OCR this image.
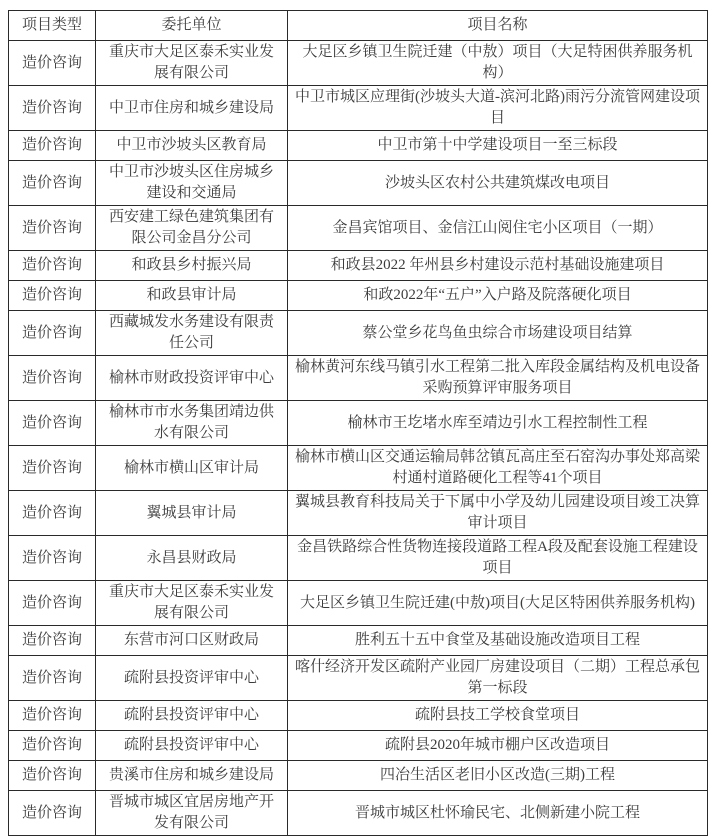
项目类型	委托单位	项目名称
造价咨询	重庆市大足区泰禾实业发展有限公司	大足区乡镇卫生院迁建（中敖）项目（大足特困供养服务机构）
造价咨询	中卫市住房和城乡建设局	中卫市城区应理街(沙坡头大道-滨河北路)雨污分流管网建设项目
造价咨询	中卫市沙坡头区教育局	中卫市第十中学建设项目一至三标段
造价咨询	中卫市沙坡头区住房城乡建设和交通局	沙坡头区农村公共建筑煤改电项目
造价咨询	西安建工绿色建筑集团有限公司金昌分公司	金昌宾馆项目、金信江山阅住宅小区项目（一期）
造价咨询	和政县乡村振兴局	和政县2022 年州县乡村建设示范村基础设施建项目
造价咨询	和政县审计局	和政2022年“五户”入户路及院落硬化项目
造价咨询	西藏城发水务建设有限责任公司	蔡公堂乡花鸟鱼虫综合市场建设项目结算
造价咨询	榆林市财政投资评审中心	榆林黄河东线马镇引水工程第二批入库段金属结构及机电设备采购预算评审服务项目
造价咨询	榆林市市水务集团靖边供水有限公司	榆林市王圪堵水库至靖边引水工程控制性工程
造价咨询	榆林市横山区审计局	榆林市横山区交通运输局韩岔镇瓦高庄至石窑沟办事处郑高梁村通村道路硬化工程等41个项目
造价咨询	翼城县审计局	翼城县教育科技局关于下属中小学及幼儿园建设项目竣工决算审计项目
造价咨询	永昌县财政局	金昌铁路综合性货物连接段道路工程A段及配套设施工程建设项目
造价咨询	重庆市大足区泰禾实业发展有限公司	大足区乡镇卫生院迁建(中敖)项目(大足区特困供养服务机构)
造价咨询	东营市河口区财政局	胜利五十五中食堂及基础设施改造项目工程
造价咨询	疏附县投资评审中心	喀什经济开发区疏附产业园厂房建设项目（二期）工程总承包第一标段
造价咨询	疏附县投资评审中心	疏附县技工学校食堂项目
造价咨询	疏附县投资评审中心	疏附县2020年城市棚户区改造项目
造价咨询	贵溪市住房和城乡建设局	四冶生活区老旧小区改造(三期)工程
造价咨询	晋城市城区宜居房地产开发有限公司	晋城市城区杜怀瑜民宅、北侧新建小院工程
